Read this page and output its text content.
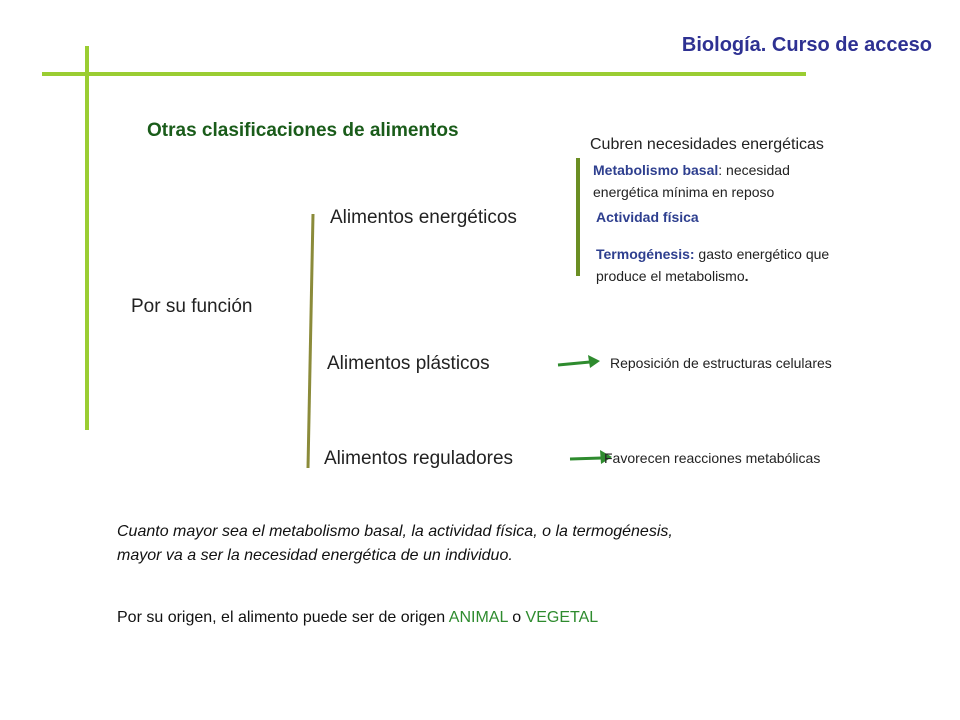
Biología. Curso de acceso
Otras clasificaciones de alimentos
Por su función
Alimentos energéticos
Alimentos plásticos
Alimentos reguladores
Cubren necesidades energéticas
Metabolismo basal: necesidad
energética mínima en reposo
Actividad física
Termogénesis: gasto energético que
produce el metabolismo.
Reposición de estructuras celulares
Favorecen reacciones metabólicas
Cuanto mayor sea el metabolismo basal, la actividad física, o la termogénesis,
mayor va a ser la necesidad energética de un individuo.
Por su origen, el alimento puede ser de origen ANIMAL o VEGETAL
